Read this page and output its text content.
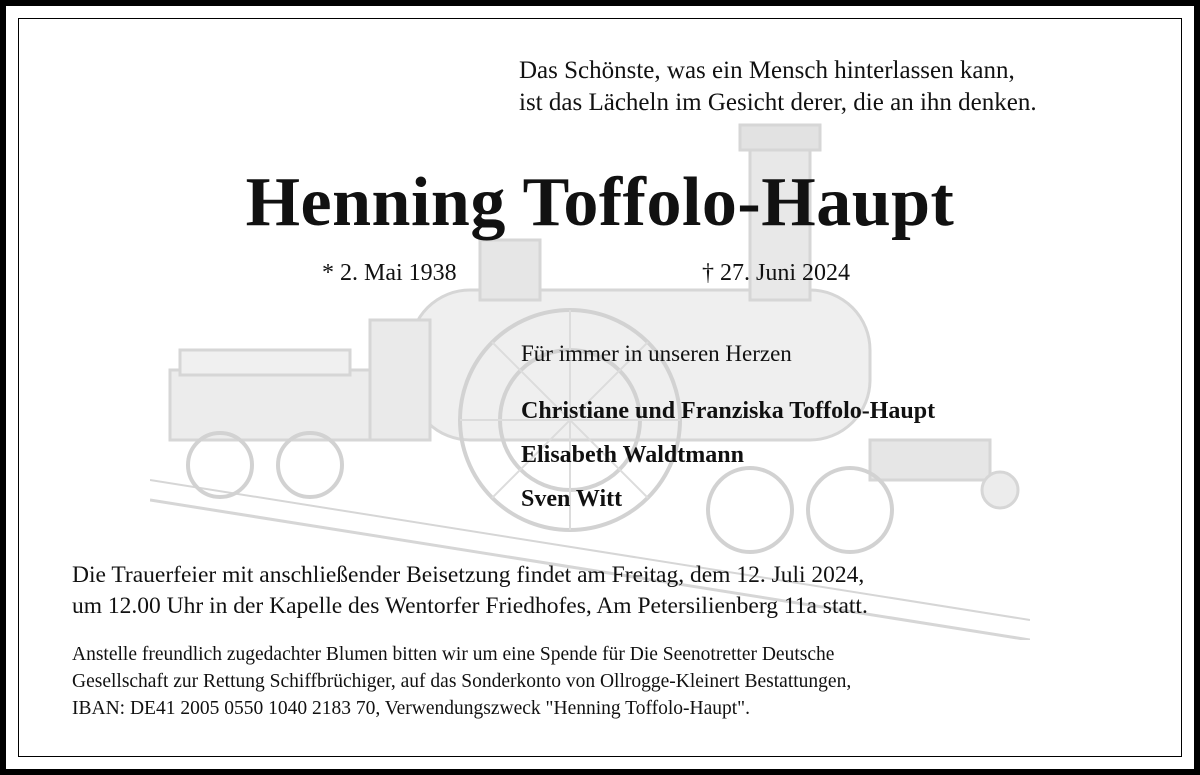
Das Schönste, was ein Mensch hinterlassen kann,
ist das Lächeln im Gesicht derer, die an ihn denken.
Henning Toffolo-Haupt
* 2. Mai 1938	† 27. Juni 2024
Für immer in unseren Herzen
Christiane und Franziska Toffolo-Haupt
Elisabeth Waldtmann
Sven Witt
Die Trauerfeier mit anschließender Beisetzung findet am Freitag, dem 12. Juli 2024,
um 12.00 Uhr in der Kapelle des Wentorfer Friedhofes, Am Petersilienberg 11a statt.
Anstelle freundlich zugedachter Blumen bitten wir um eine Spende für Die Seenotretter Deutsche
Gesellschaft zur Rettung Schiffbrüchiger, auf das Sonderkonto von Ollrogge-Kleinert Bestattungen,
IBAN: DE41 2005 0550 1040 2183 70, Verwendungszweck "Henning Toffolo-Haupt".
